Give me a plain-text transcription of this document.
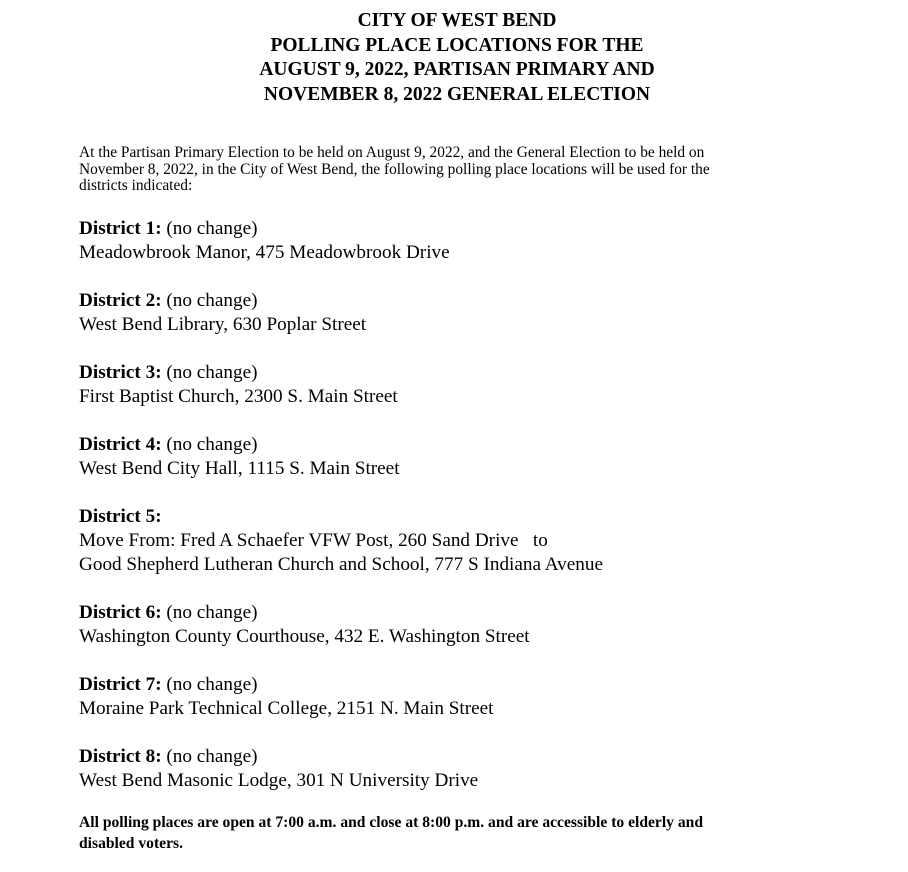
CITY OF WEST BEND
POLLING PLACE LOCATIONS FOR THE
AUGUST 9, 2022, PARTISAN PRIMARY AND
NOVEMBER 8, 2022 GENERAL ELECTION
At the Partisan Primary Election to be held on August 9, 2022, and the General Election to be held on
November 8, 2022, in the City of West Bend, the following polling place locations will be used for the
districts indicated:
District 1: (no change)
Meadowbrook Manor, 475 Meadowbrook Drive
District 2: (no change)
West Bend Library, 630 Poplar Street
District 3: (no change)
First Baptist Church, 2300 S. Main Street
District 4: (no change)
West Bend City Hall, 1115 S. Main Street
District 5:
Move From: Fred A Schaefer VFW Post, 260 Sand Drive   to
Good Shepherd Lutheran Church and School, 777 S Indiana Avenue
District 6: (no change)
Washington County Courthouse, 432 E. Washington Street
District 7: (no change)
Moraine Park Technical College, 2151 N. Main Street
District 8: (no change)
West Bend Masonic Lodge, 301 N University Drive
All polling places are open at 7:00 a.m. and close at 8:00 p.m. and are accessible to elderly and
disabled voters.
